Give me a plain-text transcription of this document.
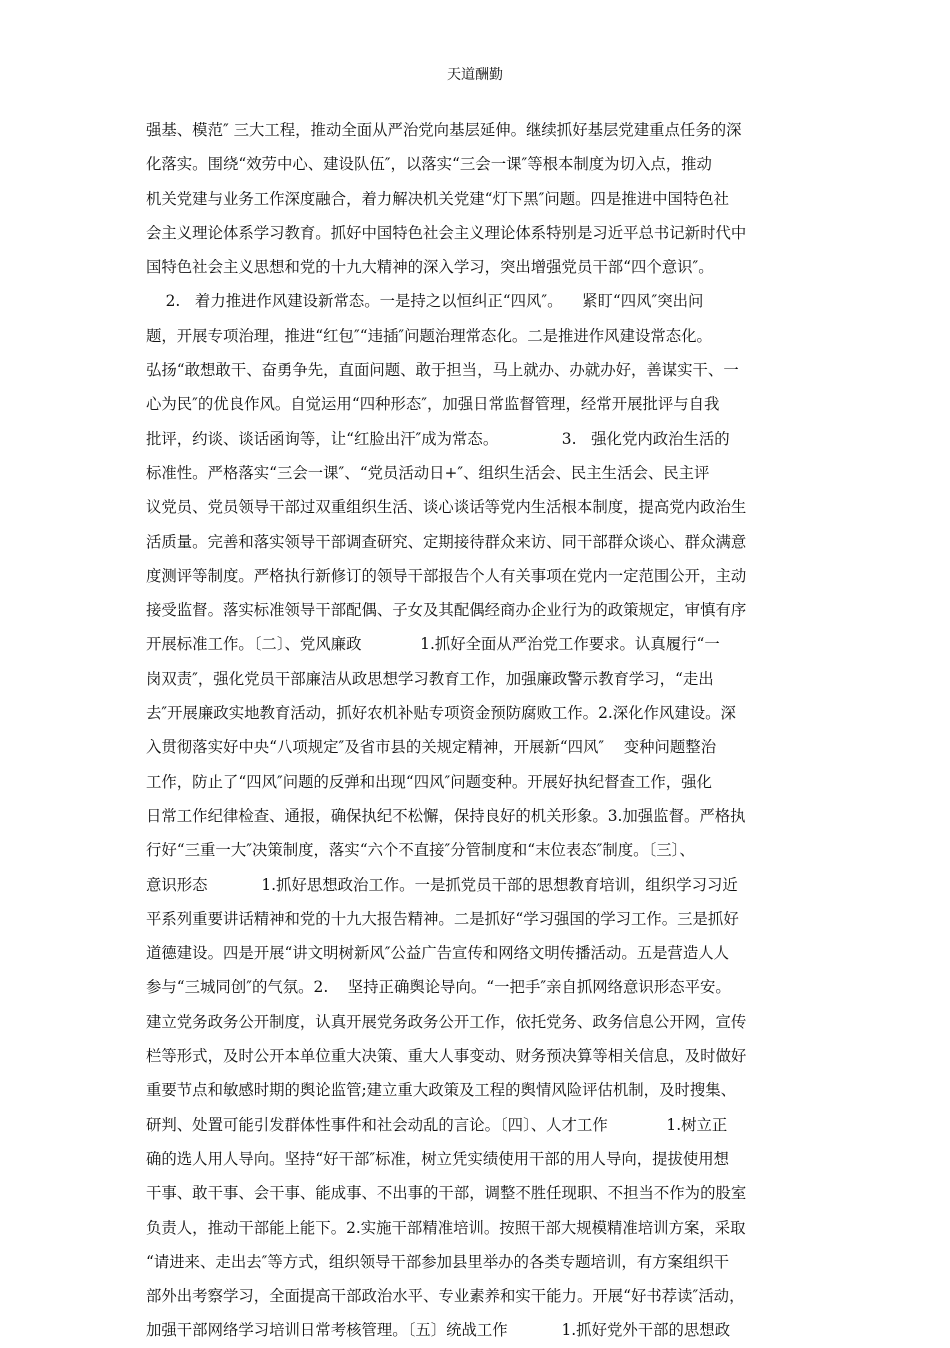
天道酬勤
强基、模范″ 三大工程，推动全面从严治党向基层延伸。继续抓好基层党建重点任务的深
化落实。围绕“效劳中心、建设队伍″，以落实“三会一课″等根本制度为切入点，推动
机关党建与业务工作深度融合，着力解决机关党建“灯下黑″问题。四是推进中国特色社
会主义理论体系学习教育。抓好中国特色社会主义理论体系特别是习近平总书记新时代中
国特色社会主义思想和党的十九大精神的深入学习，突出增强党员干部“四个意识″。
2.   着力推进作风建设新常态。一是持之以恒纠正“四风″。    紧盯“四风″突出问
题，开展专项治理，推进“红包″“违插″问题治理常态化。二是推进作风建设常态化。
弘扬“敢想敢干、奋勇争先，直面问题、敢于担当，马上就办、办就办好，善谋实干、一
心为民″的优良作风。自觉运用“四种形态″，加强日常监督管理，经常开展批评与自我
批评，约谈、谈话函询等，让“红脸出汗″成为常态。             3.   强化党内政治生活的
标准性。严格落实“三会一课″、“党员活动日+″、组织生活会、民主生活会、民主评
议党员、党员领导干部过双重组织生活、谈心谈话等党内生活根本制度，提高党内政治生
活质量。完善和落实领导干部调查研究、定期接待群众来访、同干部群众谈心、群众满意
度测评等制度。严格执行新修订的领导干部报告个人有关事项在党内一定范围公开，主动
接受监督。落实标准领导干部配偶、子女及其配偶经商办企业行为的政策规定，审慎有序
开展标准工作。〔二〕、党风廉政            1.抓好全面从严治党工作要求。认真履行“一
岗双责″，强化党员干部廉洁从政思想学习教育工作，加强廉政警示教育学习，“走出
去″开展廉政实地教育活动，抓好农机补贴专项资金预防腐败工作。2.深化作风建设。深
入贯彻落实好中央“八项规定″及省市县的关规定精神，开展新“四风″    变种问题整治
工作，防止了“四风″问题的反弹和出现“四风″问题变种。开展好执纪督查工作，强化
日常工作纪律检查、通报，确保执纪不松懈，保持良好的机关形象。3.加强监督。严格执
行好“三重一大″决策制度，落实“六个不直接″分管制度和“末位表态″制度。〔三〕、
意识形态           1.抓好思想政治工作。一是抓党员干部的思想教育培训，组织学习习近
平系列重要讲话精神和党的十九大报告精神。二是抓好“学习强国的学习工作。三是抓好
道德建设。四是开展“讲文明树新风″公益广告宣传和网络文明传播活动。五是营造人人
参与“三城同创″的气氛。2.    坚持正确舆论导向。“一把手″亲自抓网络意识形态平安。
建立党务政务公开制度，认真开展党务政务公开工作，依托党务、政务信息公开网，宣传
栏等形式，及时公开本单位重大决策、重大人事变动、财务预决算等相关信息，及时做好
重要节点和敏感时期的舆论监管;建立重大政策及工程的舆情风险评估机制，及时搜集、
研判、处置可能引发群体性事件和社会动乱的言论。〔四〕、人才工作            1.树立正
确的选人用人导向。坚持“好干部″标准，树立凭实绩使用干部的用人导向，提拔使用想
干事、敢干事、会干事、能成事、不出事的干部，调整不胜任现职、不担当不作为的股室
负责人，推动干部能上能下。2.实施干部精准培训。按照干部大规模精准培训方案，采取
“请进来、走出去″等方式，组织领导干部参加县里举办的各类专题培训，有方案组织干
部外出考察学习，全面提高干部政治水平、专业素养和实干能力。开展“好书荐读″活动，
加强干部网络学习培训日常考核管理。〔五〕统战工作           1.抓好党外干部的思想政
